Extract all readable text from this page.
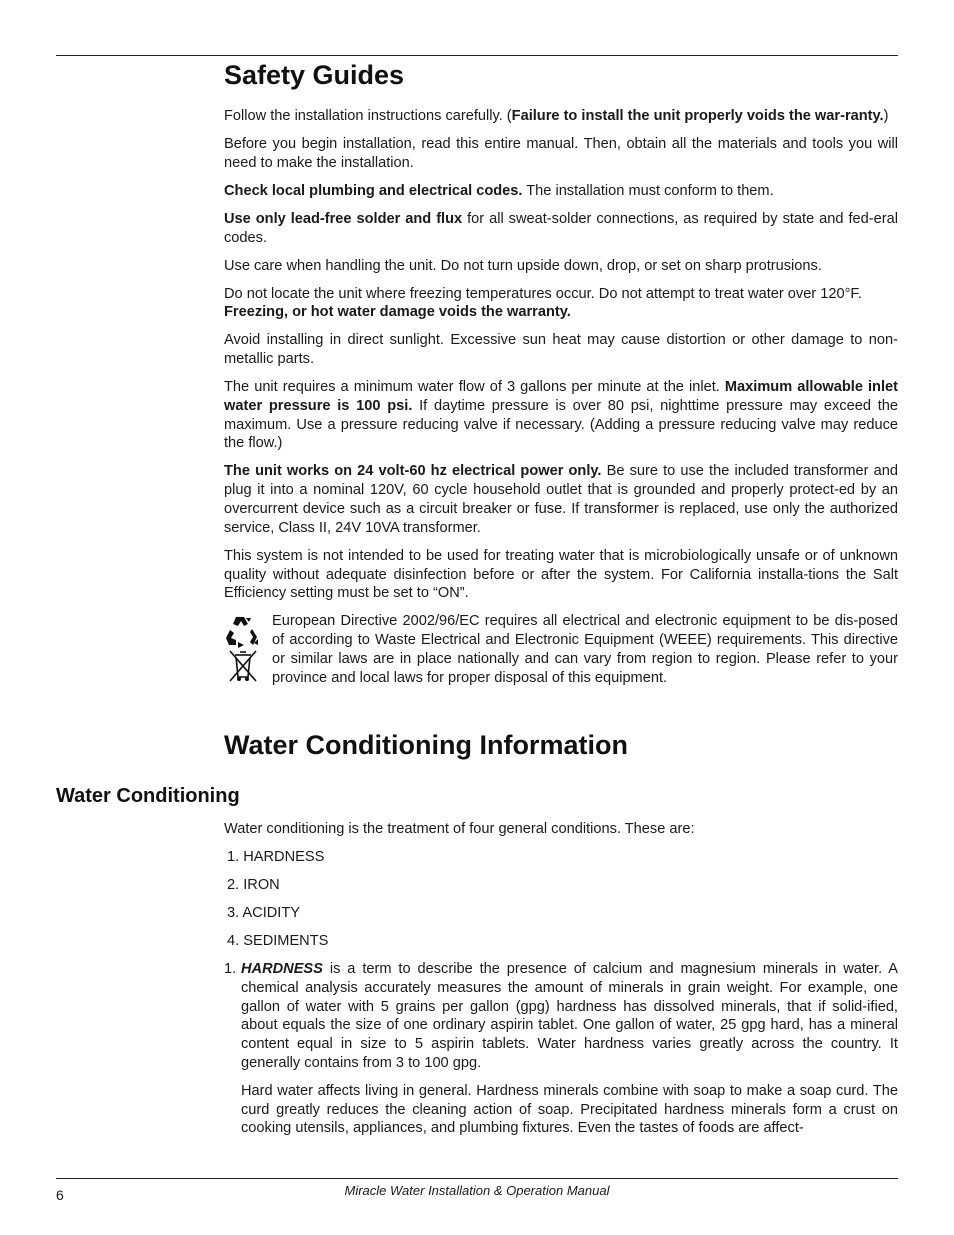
Safety Guides

Follow the installation instructions carefully. (Failure to install the unit properly voids the war-ranty.)

Before you begin installation, read this entire manual. Then, obtain all the materials and tools you will need to make the installation.

Check local plumbing and electrical codes. The installation must conform to them.

Use only lead-free solder and flux for all sweat-solder connections, as required by state and fed-eral codes.

Use care when handling the unit. Do not turn upside down, drop, or set on sharp protrusions.

Do not locate the unit where freezing temperatures occur. Do not attempt to treat water over 120°F.
Freezing, or hot water damage voids the warranty.

Avoid installing in direct sunlight. Excessive sun heat may cause distortion or other damage to non-metallic parts.

The unit requires a minimum water flow of 3 gallons per minute at the inlet. Maximum allowable inlet water pressure is 100 psi. If daytime pressure is over 80 psi, nighttime pressure may exceed the maximum. Use a pressure reducing valve if necessary. (Adding a pressure reducing valve may reduce the flow.)

The unit works on 24 volt-60 hz electrical power only. Be sure to use the included transformer and plug it into a nominal 120V, 60 cycle household outlet that is grounded and properly protect-ed by an overcurrent device such as a circuit breaker or fuse. If transformer is replaced, use only the authorized service, Class II, 24V 10VA transformer.

This system is not intended to be used for treating water that is microbiologically unsafe or of unknown quality without adequate disinfection before or after the system. For California installa-tions the Salt Efficiency setting must be set to “ON”.

European Directive 2002/96/EC requires all electrical and electronic equipment to be dis-posed of according to Waste Electrical and Electronic Equipment (WEEE) requirements. This directive or similar laws are in place nationally and can vary from region to region. Please refer to your province and local laws for proper disposal of this equipment.

Water Conditioning Information
Water Conditioning

Water conditioning is the treatment of four general conditions. These are:

1. HARDNESS
2. IRON
3. ACIDITY
4. SEDIMENTS
1. HARDNESS is a term to describe the presence of calcium and magnesium minerals in water. A chemical analysis accurately measures the amount of minerals in grain weight. For example, one gallon of water with 5 grains per gallon (gpg) hardness has dissolved minerals, that if solid-ified, about equals the size of one ordinary aspirin tablet. One gallon of water, 25 gpg hard, has a mineral content equal in size to 5 aspirin tablets. Water hardness varies greatly across the country. It generally contains from 3 to 100 gpg.

Hard water affects living in general. Hardness minerals combine with soap to make a soap curd. The curd greatly reduces the cleaning action of soap. Precipitated hardness minerals form a crust on cooking utensils, appliances, and plumbing fixtures. Even the tastes of foods are affect-

6	Miracle Water Installation & Operation Manual
